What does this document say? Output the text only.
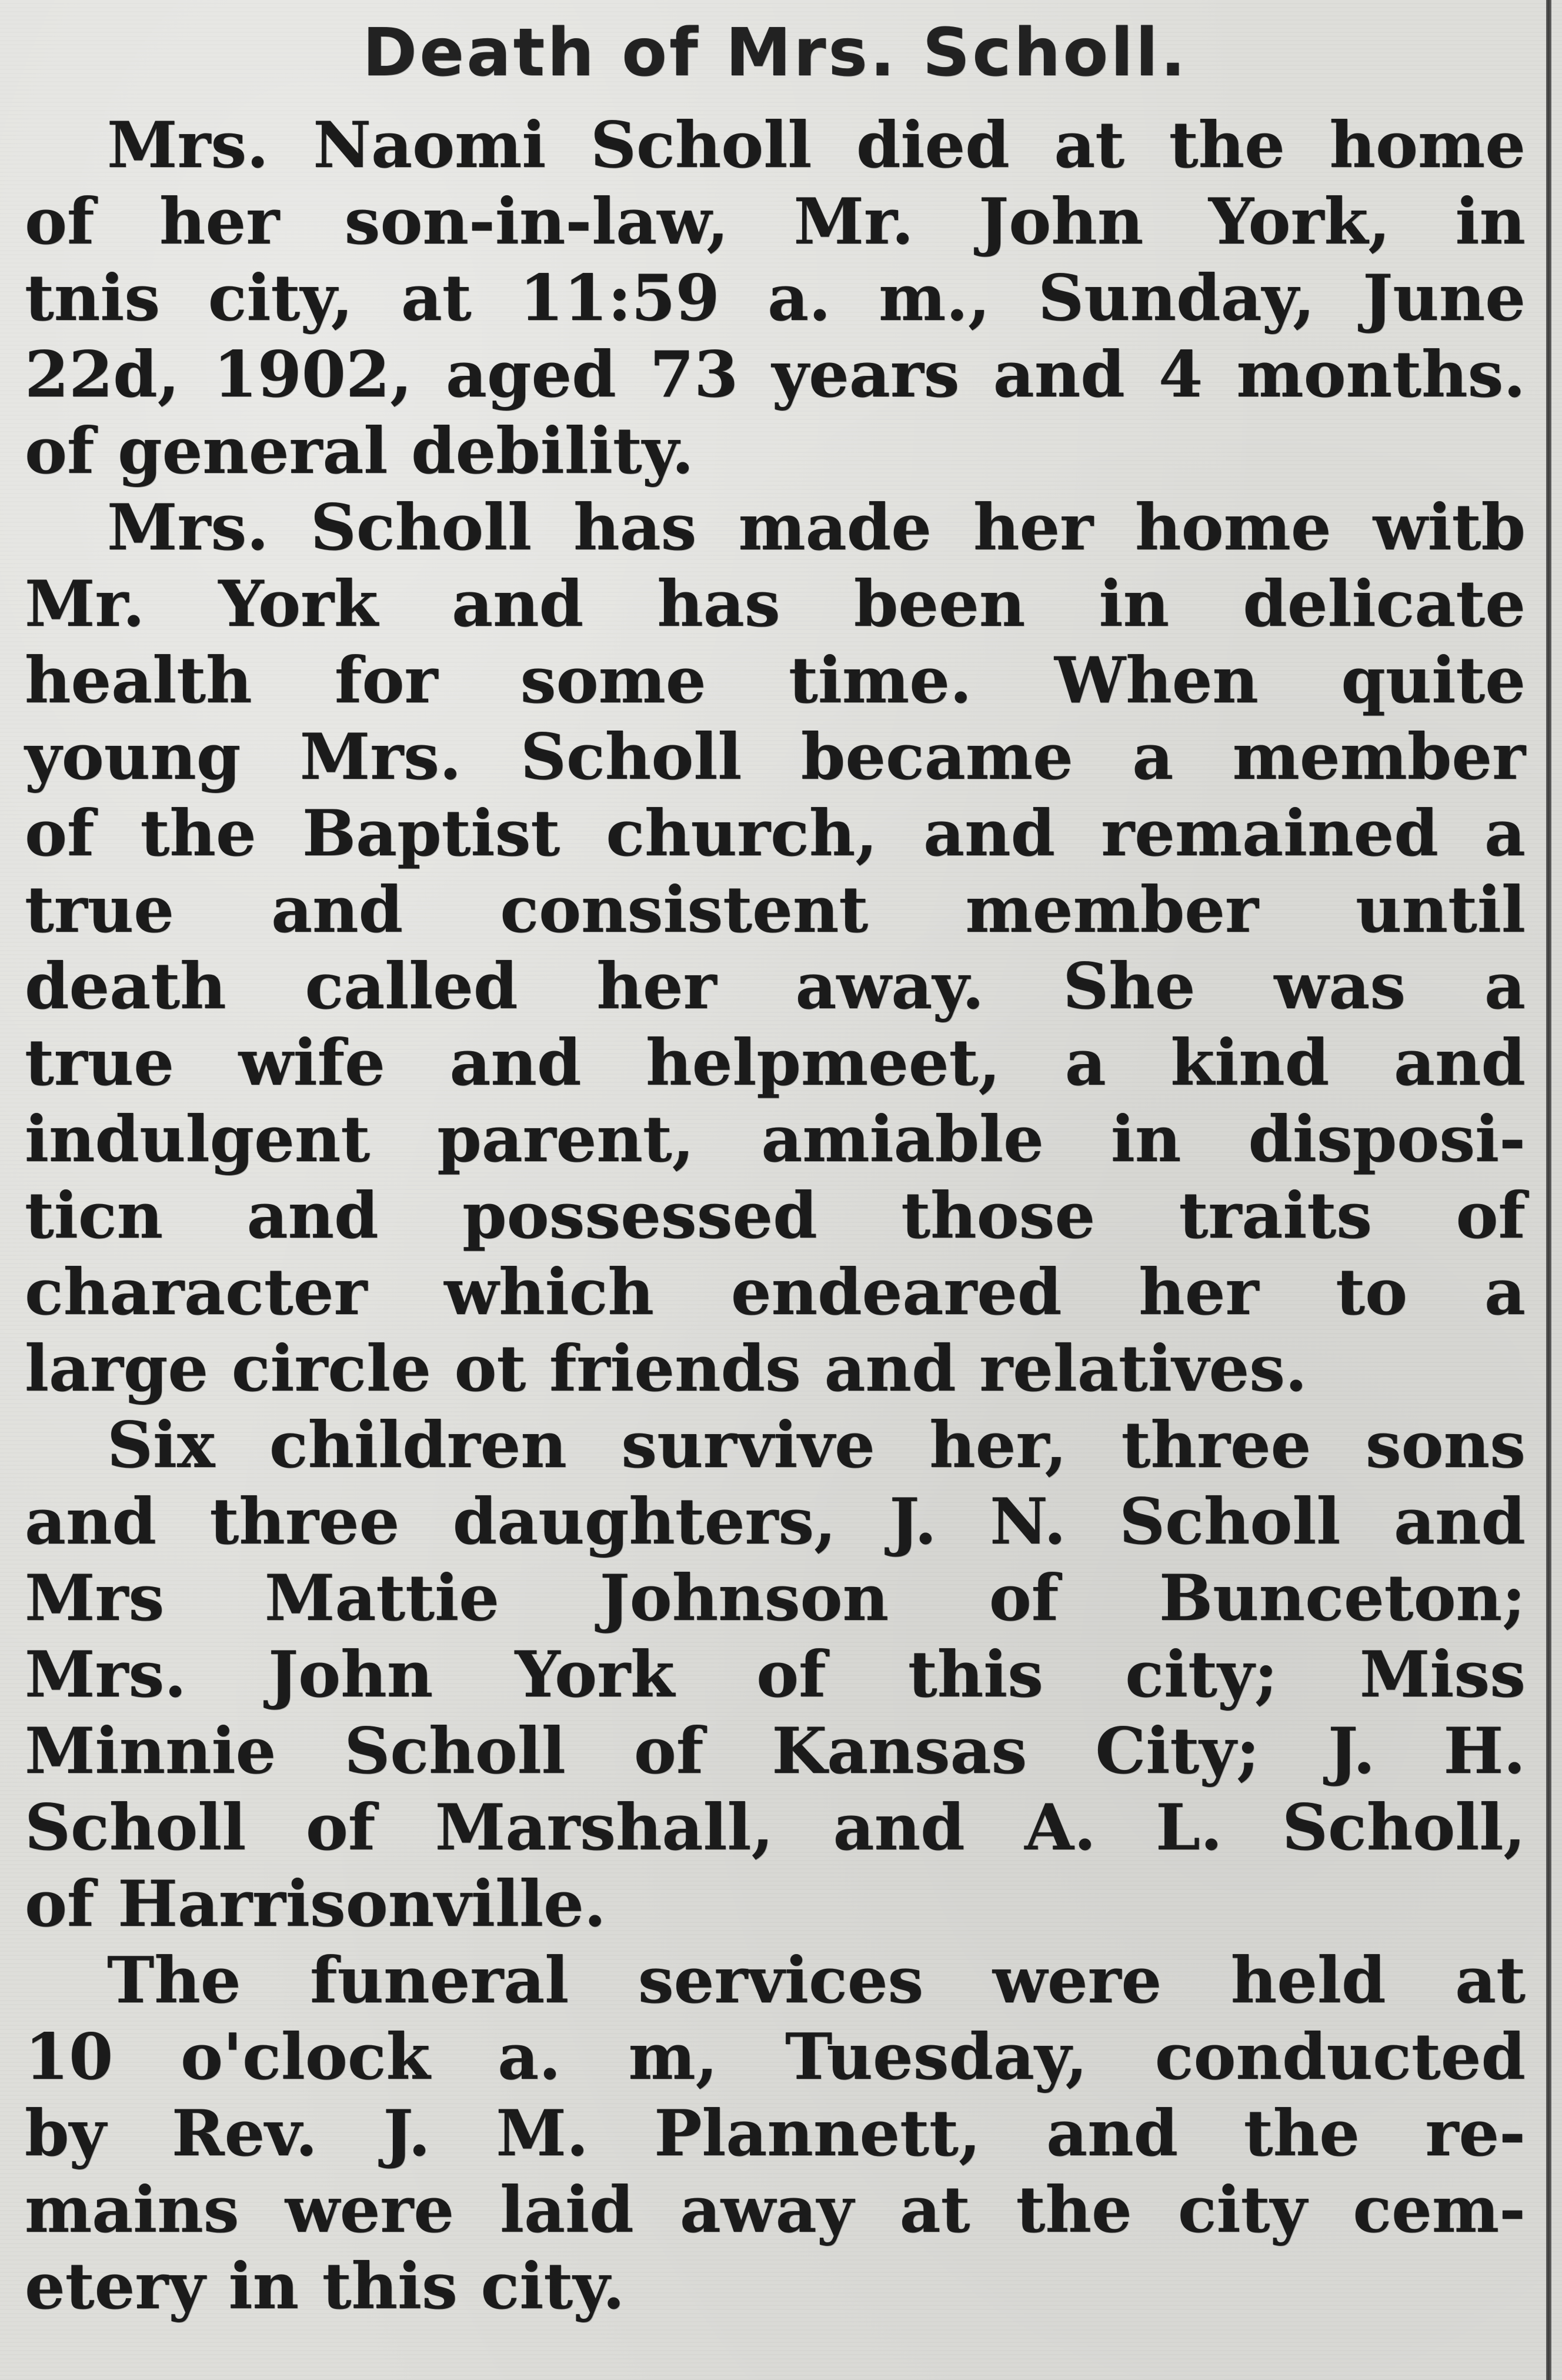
Death of Mrs. Scholl.
Mrs. Naomi Scholl died at the home
of her son-in-law, Mr. John York, in
tnis city, at 11:59 a. m., Sunday, June
22d, 1902, aged 73 years and 4 months.
of general debility.
Mrs. Scholl has made her home witb
Mr. York and has been in delicate
health for some time. When quite
young Mrs. Scholl became a member
of the Baptist church, and remained a
true and consistent member until
death called her away. She was a
true wife and helpmeet, a kind and
indulgent parent, amiable in disposi-
ticn and possessed those traits of
character which endeared her to a
large circle ot friends and relatives.
Six children survive her, three sons
and three daughters, J. N. Scholl and
Mrs Mattie Johnson of Bunceton;
Mrs. John York of this city; Miss
Minnie Scholl of Kansas City; J. H.
Scholl of Marshall, and A. L. Scholl,
of Harrisonville.
The funeral services were held at
10 o'clock a. m, Tuesday, conducted
by Rev. J. M. Plannett, and the re-
mains were laid away at the city cem-
etery in this city.
